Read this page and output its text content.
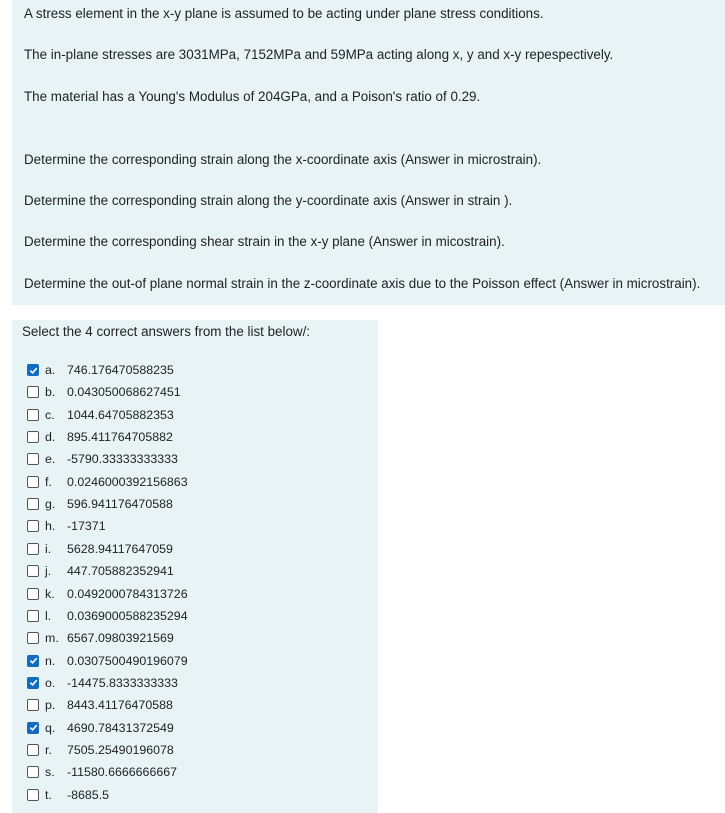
A stress element in the x-y plane is assumed to be acting under plane stress conditions.

The in-plane stresses are 3031MPa, 7152MPa and 59MPa acting along x, y and x-y repespectively.

The material has a Young's Modulus of 204GPa, and a Poison's ratio of 0.29.

Determine the corresponding strain along the x-coordinate axis (Answer in microstrain).

Determine the corresponding strain along the y-coordinate axis (Answer in strain ).

Determine the corresponding shear strain in the x-y plane (Answer in micostrain).

Determine the out-of plane normal strain in the z-coordinate axis due to the Poisson effect (Answer in microstrain).

Select the 4 correct answers from the list below/:

a. 746.176470588235
b. 0.043050068627451
c. 1044.64705882353
d. 895.411764705882
e. -5790.33333333333
f.	0.0246000392156863
g. 596.941176470588
h. -17371
i.	5628.94117647059
j.	447.705882352941
k. 0.0492000784313726
l.	0.0369000588235294
m. 6567.09803921569
n. 0.0307500490196079
o. -14475.8333333333
p. 8443.41176470588
q. 4690.78431372549
r.	7505.25490196078
s. -11580.6666666667
t.	-8685.5
